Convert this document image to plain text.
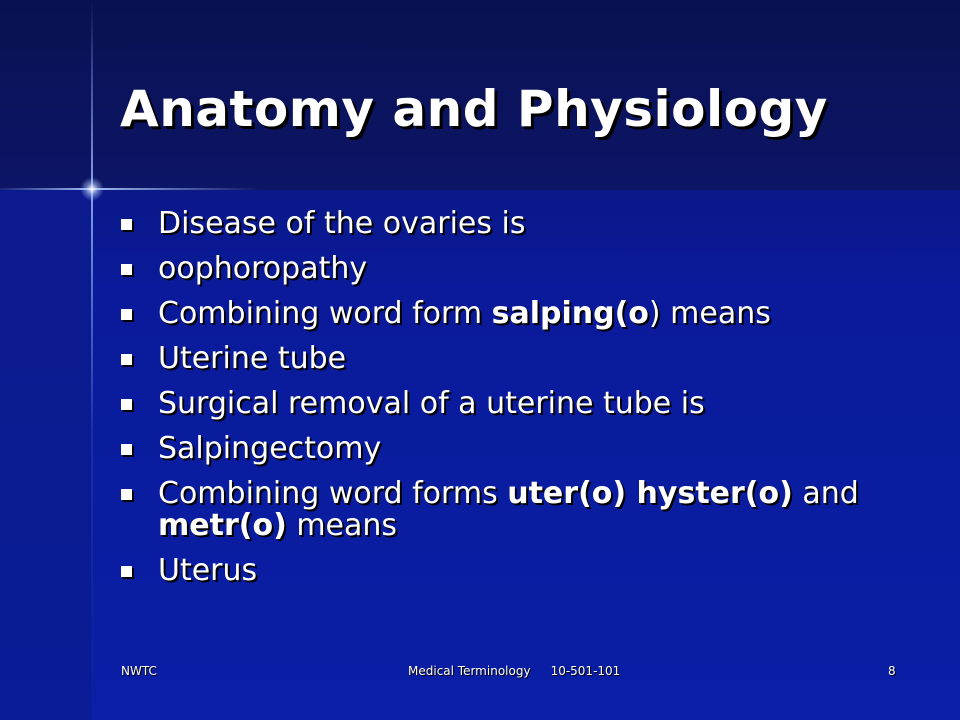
Anatomy and Physiology
Disease of the ovaries is
oophoropathy
Combining word form salping(o) means
Uterine tube
Surgical removal of a uterine tube is
Salpingectomy
Combining word forms uter(o) hyster(o) and metr(o) means
Uterus
NWTC	Medical Terminology 10-501-101	8
